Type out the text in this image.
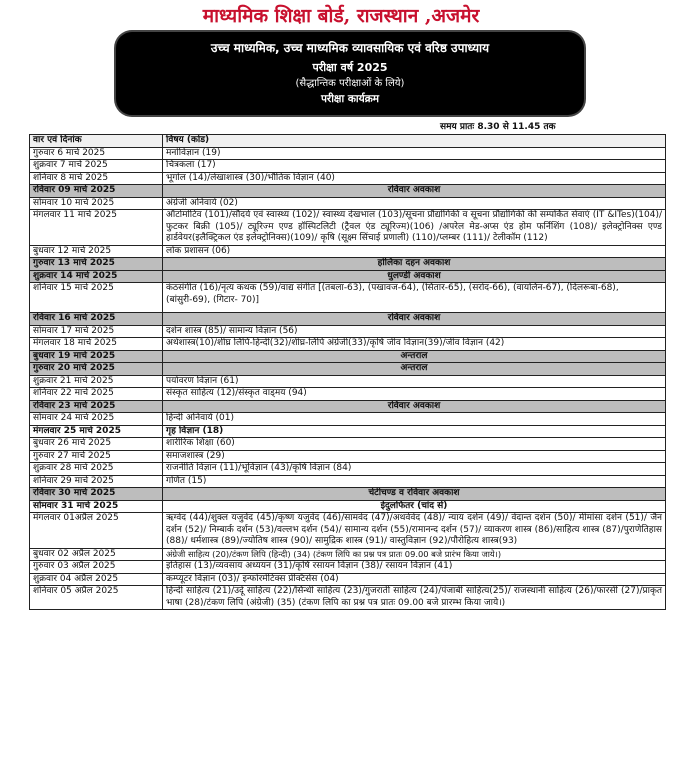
माध्यमिक शिक्षा बोर्ड, राजस्थान ,अजमेर
उच्च माध्यमिक, उच्च माध्यमिक व्यावसायिक एवं वरिष्ठ उपाध्याय
परीक्षा वर्ष 2025
(सैद्धान्तिक परीक्षाओं के लिये)
परीक्षा कार्यक्रम
समय प्रातः 8.30 से 11.45 तक
वार एवं दिनांक	विषय (कोड)
गुरुवार 6 मार्च 2025	मनोविज्ञान (19)
शुक्रवार 7 मार्च 2025	चित्रकला (17)
शनिवार 8 मार्च 2025	भूगोल (14)/लेखाशास्त्र (30)/भौतिक विज्ञान (40)
रविवार 09 मार्च 2025	रविवार अवकाश
सोमवार 10 मार्च 2025	अंग्रेजी अनिवार्य (02)
मंगलवार 11 मार्च 2025	ऑटोमोटिव (101)/सौंदर्य एवं स्वास्थ्य (102)/ स्वास्थ्य देखभाल (103)/सूचना प्रौद्योगिकी व सूचना प्रौद्योगिकी की सम्पर्कित सेवाएं (IT &ITes)(104)/फुटकर बिक्री (105)/ ट्यूरिज्म एण्ड हॉस्पिटलिटी (ट्रैवल एंड ट्यूरिज्म)(106) /अपरेल मेड-अप्स एंड होम फर्निशिंग (108)/ इलेक्ट्रोनिक्स एण्ड हार्डवेयर(इलैक्ट्रिकल एंड इलेक्ट्रोनिक्स)(109)/ कृषि (सूक्ष्म सिंचाई प्रणाली) (110)/प्लम्बर (111)/ टेलीकॉम (112)
बुधवार 12 मार्च 2025	लोक प्रशासन (06)
गुरुवार 13 मार्च 2025	होलिका दहन अवकाश
शुक्रवार 14 मार्च 2025	धुलण्डी अवकाश
शनिवार 15 मार्च 2025	कंठसंगीत (16)/नृत्य कथक (59)/वाद्य संगीत [(तबला-63), (पखावज-64), (सितार-65), (सरोद-66), (वायलिन-67), (दिलरूबा-68), (बांसुरी-69), (गिटार- 70)]
रविवार 16 मार्च 2025	रविवार अवकाश
सोमवार 17 मार्च 2025	दर्शन शास्त्र (85)/ सामान्य विज्ञान (56)
मंगलवार 18 मार्च 2025	अर्थशास्त्र(10)/शीघ्र लिपि-हिन्दी(32)/शीघ्र-लिपि अंग्रेजी(33)/कृषि जीव विज्ञान(39)/जीव विज्ञान (42)
बुधवार 19 मार्च 2025	अन्तराल
गुरुवार 20 मार्च 2025	अन्तराल
शुक्रवार 21 मार्च 2025	पर्यावरण विज्ञान (61)
शनिवार 22 मार्च 2025	संस्कृत साहित्य (12)/संस्कृत वाड्मय (94)
रविवार 23 मार्च 2025	रविवार अवकाश
सोमवार 24 मार्च 2025	हिन्दी अनिवार्य (01)
मंगलवार 25 मार्च 2025	गृह विज्ञान (18)
बुधवार 26 मार्च 2025	शारीरिक शिक्षा (60)
गुरुवार 27 मार्च 2025	समाजशास्त्र (29)
शुक्रवार 28 मार्च 2025	राजनीति विज्ञान (11)/भूविज्ञान (43)/कृषि विज्ञान (84)
शनिवार 29 मार्च 2025	गणित (15)
रविवार 30 मार्च 2025	चेटीचण्ड व रविवार अवकाश
सोमवार 31 मार्च 2025	ईदुलफितर (चांद से)
मंगलवार 01अप्रैल 2025	ऋग्वेद (44)/शुक्ल यजुर्वेद (45)/कृष्ण यजुर्वेद (46)/सामवेद (47)/अथर्ववेद (48)/ न्याय दर्शन (49)/ वेदान्त दर्शन (50)/ मीमांसा दर्शन (51)/ जैन दर्शन (52)/ निम्बार्क दर्शन (53)/वल्लभ दर्शन (54)/ सामान्य दर्शन (55)/रामानन्द दर्शन (57)/ व्याकरण शास्त्र (86)/साहित्य शास्त्र (87)/पुराणेतिहास (88)/ धर्मशास्त्र (89)/ज्योतिष शास्त्र (90)/ सामुद्रिक शास्त्र (91)/ वास्तुविज्ञान (92)/पौरोहित्य शास्त्र(93)
बुधवार 02 अप्रैल 2025	अंग्रेजी साहित्य (20)/टंकण लिपि (हिन्दी) (34) (टंकण लिपि का प्रश्न पत्र प्रातः 09.00 बजे प्रारंभ किया जाये।)
गुरुवार 03 अप्रैल 2025	इतिहास (13)/व्यवसाय अध्ययन (31)/कृषि रसायन विज्ञान (38)/ रसायन विज्ञान (41)
शुक्रवार 04 अप्रैल 2025	कम्प्यूटर विज्ञान (03)/ इन्फोरमेटिक्स प्रेक्टिसेस (04)
शनिवार 05 अप्रैल 2025	हिन्दी साहित्य (21)/उर्दू साहित्य (22)/सिन्धी साहित्य (23)/गुजराती साहित्य (24)/पंजाबी साहित्य(25)/ राजस्थानी साहित्य (26)/फारसी (27)/प्राकृत भाषा (28)/टंकण लिपि (अंग्रेजी) (35) (टंकण लिपि का प्रश्न पत्र प्रातः 09.00 बजे प्रारम्भ किया जाये।)
